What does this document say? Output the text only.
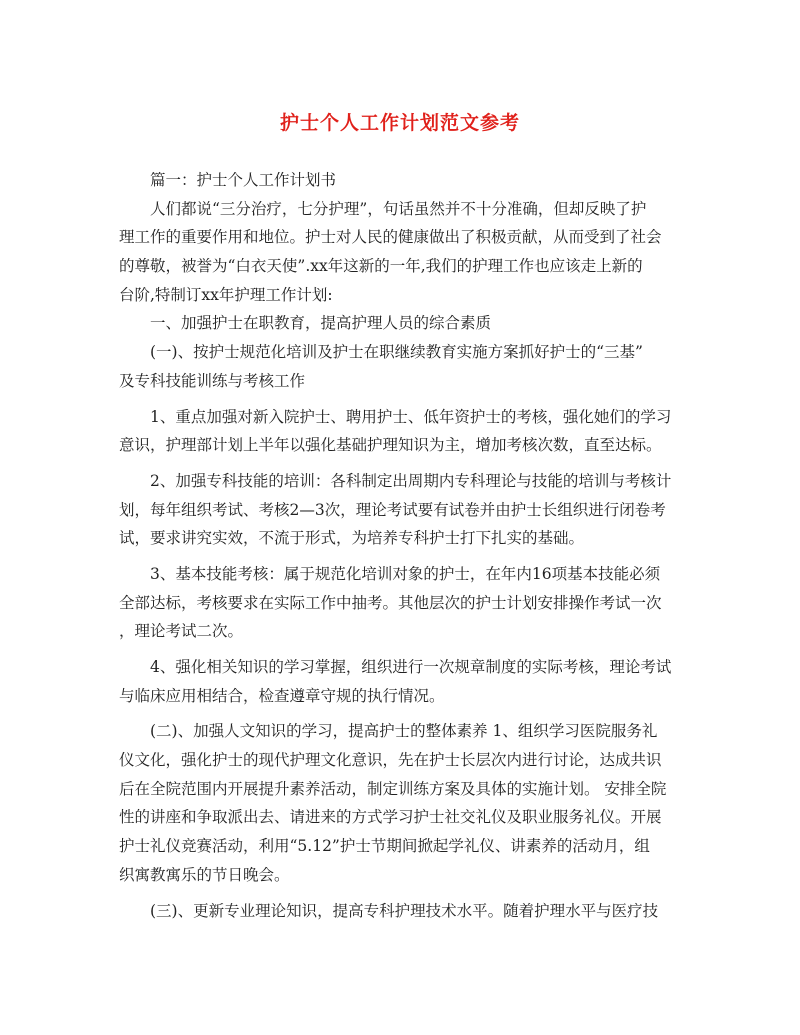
护士个人工作计划范文参考
篇一：护士个人工作计划书
人们都说“三分治疗，七分护理”，句话虽然并不十分准确，但却反映了护
理工作的重要作用和地位。护士对人民的健康做出了积极贡献，从而受到了社会
的尊敬，被誉为“白衣天使”.xx年这新的一年,我们的护理工作也应该走上新的
台阶,特制订xx年护理工作计划:
一、加强护士在职教育，提高护理人员的综合素质
(一)、按护士规范化培训及护士在职继续教育实施方案抓好护士的“三基”
及专科技能训练与考核工作
1、重点加强对新入院护士、聘用护士、低年资护士的考核，强化她们的学习
意识，护理部计划上半年以强化基础护理知识为主，增加考核次数，直至达标。
2、加强专科技能的培训：各科制定出周期内专科理论与技能的培训与考核计
划，每年组织考试、考核2—3次，理论考试要有试卷并由护士长组织进行闭卷考
试，要求讲究实效，不流于形式，为培养专科护士打下扎实的基础。
3、基本技能考核：属于规范化培训对象的护士，在年内16项基本技能必须
全部达标，考核要求在实际工作中抽考。其他层次的护士计划安排操作考试一次
，理论考试二次。
4、强化相关知识的学习掌握，组织进行一次规章制度的实际考核，理论考试
与临床应用相结合，检查遵章守规的执行情况。
(二)、加强人文知识的学习，提高护士的整体素养 1、组织学习医院服务礼
仪文化，强化护士的现代护理文化意识，先在护士长层次内进行讨论，达成共识
后在全院范围内开展提升素养活动，制定训练方案及具体的实施计划。 安排全院
性的讲座和争取派出去、请进来的方式学习护士社交礼仪及职业服务礼仪。开展
护士礼仪竞赛活动，利用“5.12”护士节期间掀起学礼仪、讲素养的活动月，组
织寓教寓乐的节日晚会。
(三)、更新专业理论知识，提高专科护理技术水平。随着护理水平与医疗技
